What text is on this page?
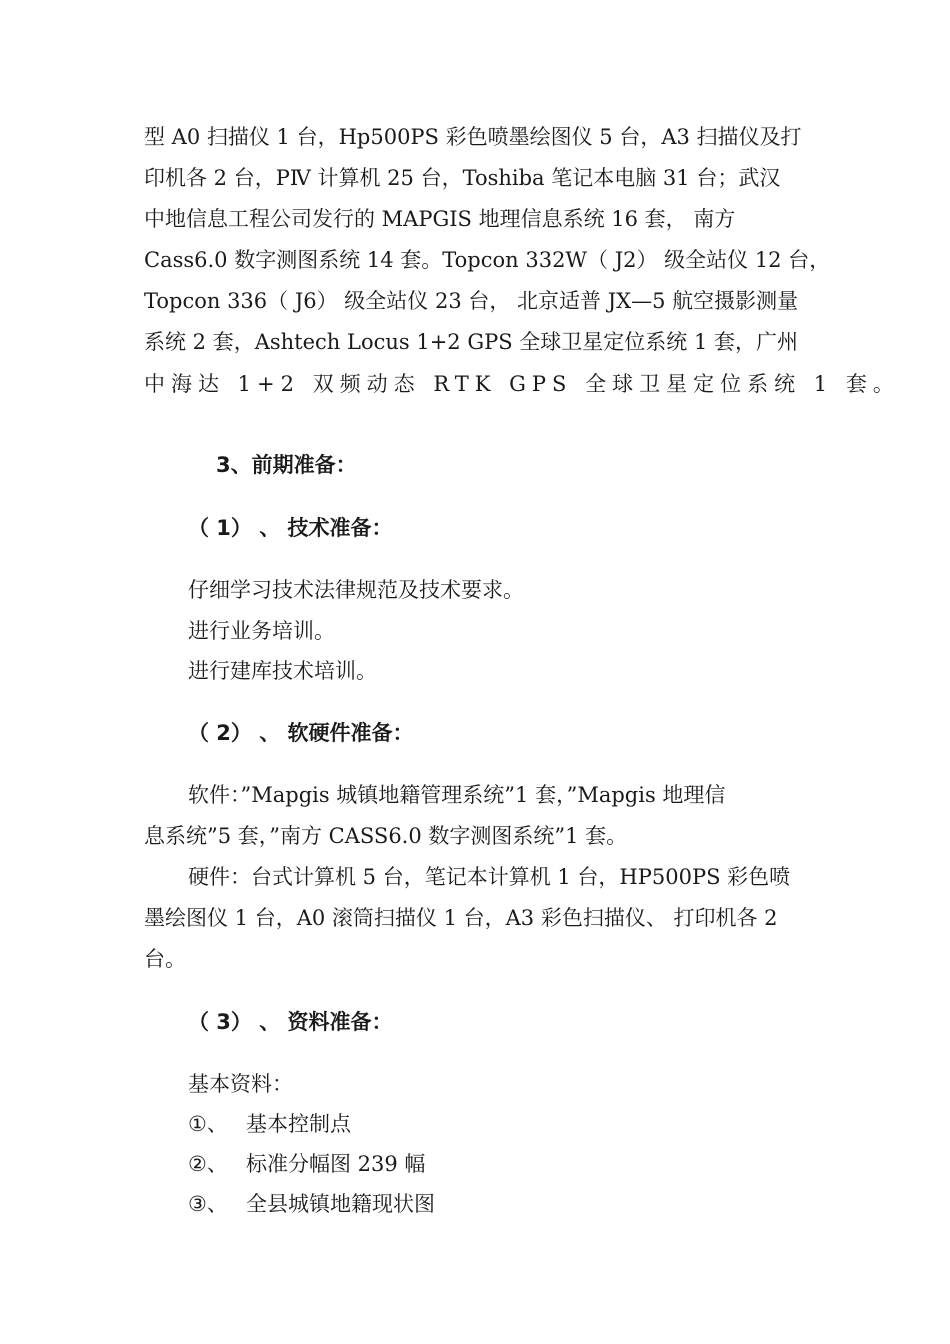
型 A0 扫描仪 1 台，Hp500PS 彩色喷墨绘图仪 5 台，A3 扫描仪及打
印机各 2 台，PⅣ 计算机 25 台，Toshiba 笔记本电脑 31 台；武汉
中地信息工程公司发行的 MAPGIS 地理信息系统 16 套， 南方
Cass6.0 数字测图系统 14 套。Topcon 332W（ J2） 级全站仪 12 台，
Topcon 336（ J6） 级全站仪 23 台， 北京适普 JX—5 航空摄影测量
系统 2 套，Ashtech Locus 1+2 GPS 全球卫星定位系统 1 套，广州
中海达 1+2 双频动态 RTK GPS 全球卫星定位系统 1 套。
3、前期准备：
（ 1） 、 技术准备：
仔细学习技术法律规范及技术要求。
进行业务培训。
进行建库技术培训。
（ 2） 、 软硬件准备：
软件：”Mapgis 城镇地籍管理系统”1 套，”Mapgis 地理信
息系统”5 套，”南方 CASS6.0 数字测图系统”1 套。
硬件：台式计算机 5 台，笔记本计算机 1 台，HP500PS 彩色喷
墨绘图仪 1 台，A0 滚筒扫描仪 1 台，A3 彩色扫描仪、 打印机各 2
台。
（ 3） 、 资料准备：
基本资料：
①、 基本控制点
②、 标准分幅图 239 幅
③、 全县城镇地籍现状图
